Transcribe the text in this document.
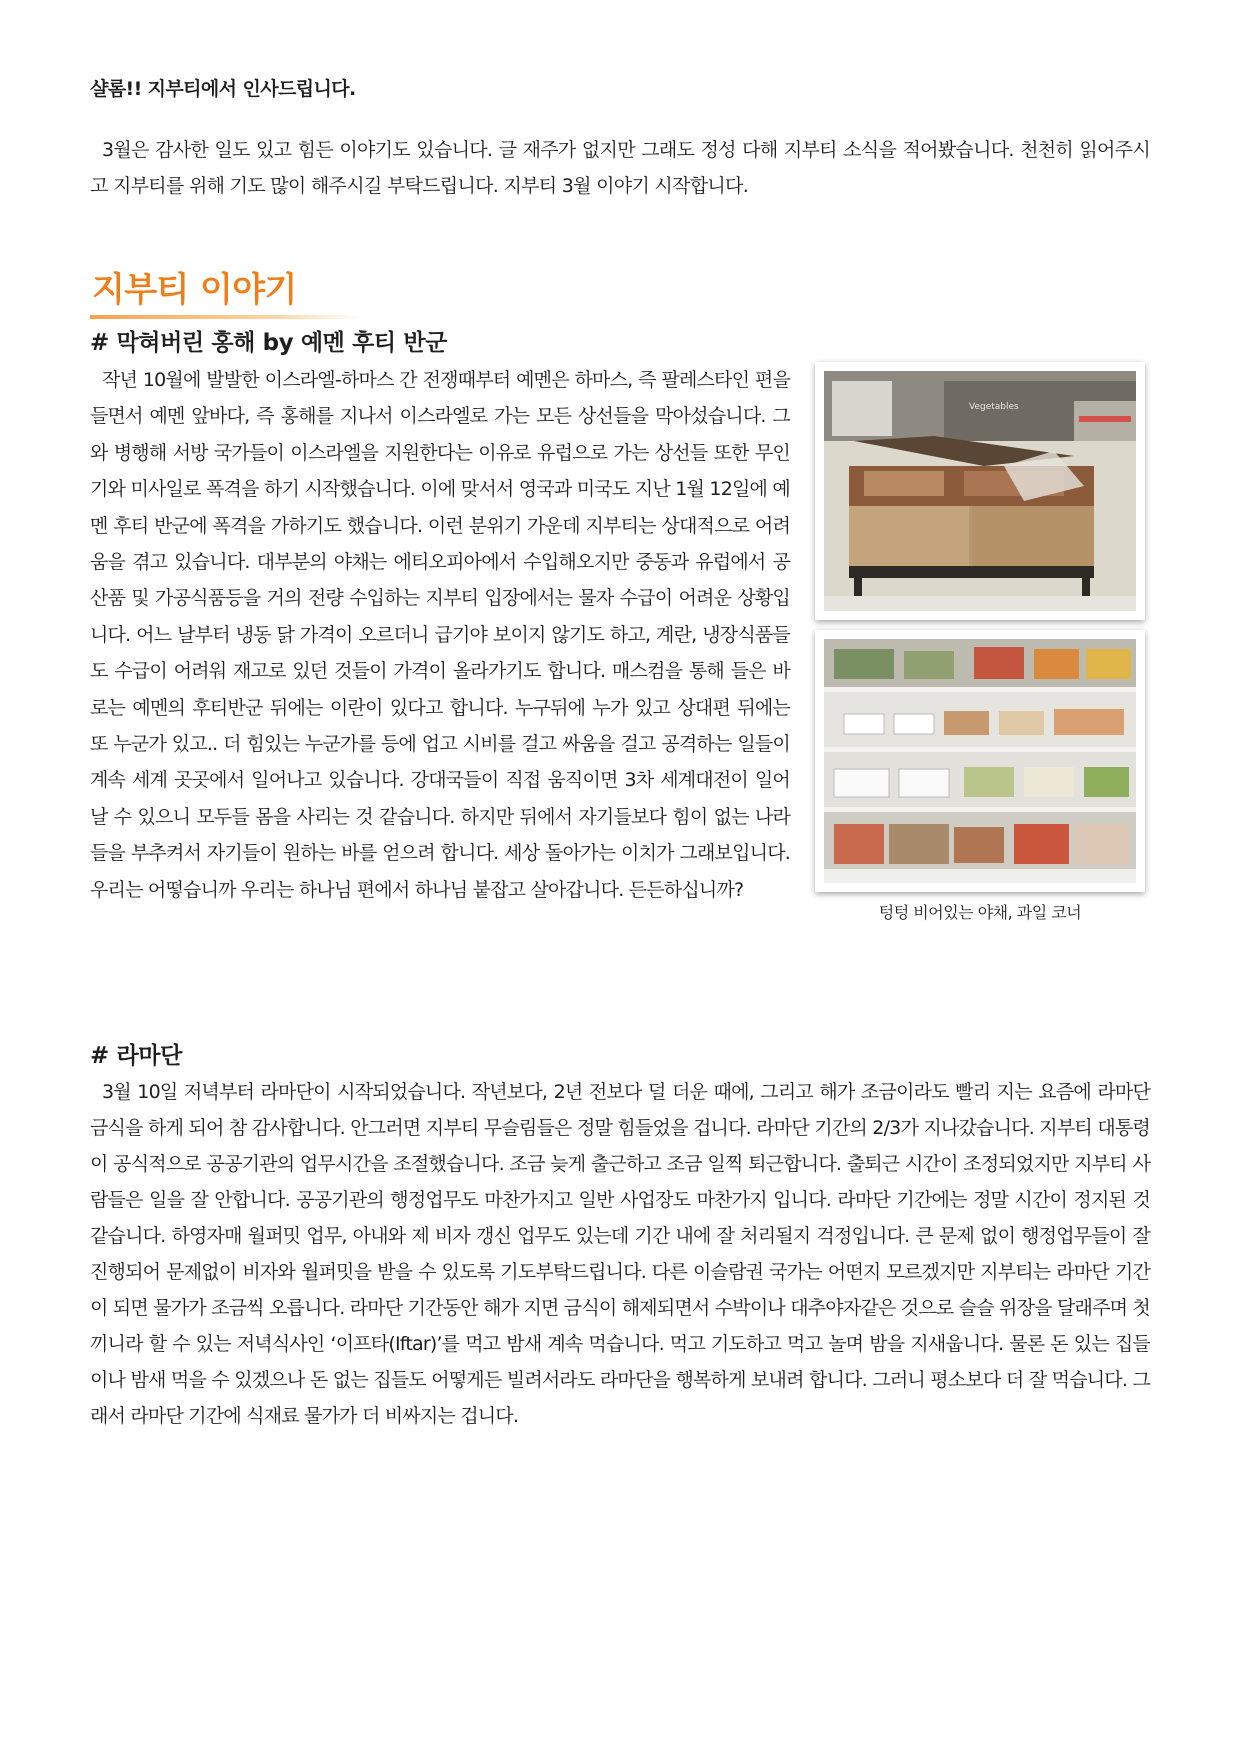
샬롬!! 지부티에서 인사드립니다.

3월은 감사한 일도 있고 힘든 이야기도 있습니다. 글 재주가 없지만 그래도 정성 다해 지부티 소식을 적어봤습니다. 천천히 읽어주시고 지부티를 위해 기도 많이 해주시길 부탁드립니다. 지부티 3월 이야기 시작합니다.

지부티 이야기
# 막혀버린 홍해 by 예멘 후티 반군

작년 10월에 발발한 이스라엘-하마스 간 전쟁때부터 예멘은 하마스, 즉 팔레스타인 편을 들면서 예멘 앞바다, 즉 홍해를 지나서 이스라엘로 가는 모든 상선들을 막아섰습니다. 그와 병행해 서방 국가들이 이스라엘을 지원한다는 이유로 유럽으로 가는 상선들 또한 무인기와 미사일로 폭격을 하기 시작했습니다. 이에 맞서서 영국과 미국도 지난 1월 12일에 예멘 후티 반군에 폭격을 가하기도 했습니다. 이런 분위기 가운데 지부티는 상대적으로 어려움을 겪고 있습니다. 대부분의 야채는 에티오피아에서 수입해오지만 중동과 유럽에서 공산품 및 가공식품등을 거의 전량 수입하는 지부티 입장에서는 물자 수급이 어려운 상황입니다. 어느 날부터 냉동 닭 가격이 오르더니 급기야 보이지 않기도 하고, 계란, 냉장식품들도 수급이 어려워 재고로 있던 것들이 가격이 올라가기도 합니다. 매스컴을 통해 들은 바로는 예멘의 후티반군 뒤에는 이란이 있다고 합니다. 누구뒤에 누가 있고 상대편 뒤에는 또 누군가 있고.. 더 힘있는 누군가를 등에 업고 시비를 걸고 싸움을 걸고 공격하는 일들이 계속 세계 곳곳에서 일어나고 있습니다. 강대국들이 직접 움직이면 3차 세계대전이 일어날 수 있으니 모두들 몸을 사리는 것 같습니다. 하지만 뒤에서 자기들보다 힘이 없는 나라들을 부추켜서 자기들이 원하는 바를 얻으려 합니다. 세상 돌아가는 이치가 그래보입니다. 우리는 어떻습니까 우리는 하나님 편에서 하나님 붙잡고 살아갑니다. 든든하십니까?

Vegetables

텅텅 비어있는 야채, 과일 코너

# 라마단

3월 10일 저녁부터 라마단이 시작되었습니다. 작년보다, 2년 전보다 덜 더운 때에, 그리고 해가 조금이라도 빨리 지는 요즘에 라마단 금식을 하게 되어 참 감사합니다. 안그러면 지부티 무슬림들은 정말 힘들었을 겁니다. 라마단 기간의 2/3가 지나갔습니다. 지부티 대통령이 공식적으로 공공기관의 업무시간을 조절했습니다. 조금 늦게 출근하고 조금 일찍 퇴근합니다. 출퇴근 시간이 조정되었지만 지부티 사람들은 일을 잘 안합니다. 공공기관의 행정업무도 마찬가지고 일반 사업장도 마찬가지 입니다. 라마단 기간에는 정말 시간이 정지된 것 같습니다. 하영자매 월퍼밋 업무, 아내와 제 비자 갱신 업무도 있는데 기간 내에 잘 처리될지 걱정입니다. 큰 문제 없이 행정업무들이 잘 진행되어 문제없이 비자와 월퍼밋을 받을 수 있도록 기도부탁드립니다. 다른 이슬람권 국가는 어떤지 모르겠지만 지부티는 라마단 기간이 되면 물가가 조금씩 오릅니다. 라마단 기간동안 해가 지면 금식이 해제되면서 수박이나 대추야자같은 것으로 슬슬 위장을 달래주며 첫 끼니라 할 수 있는 저녁식사인 ‘이프타(Iftar)’를 먹고 밤새 계속 먹습니다. 먹고 기도하고 먹고 놀며 밤을 지새웁니다. 물론 돈 있는 집들이나 밤새 먹을 수 있겠으나 돈 없는 집들도 어떻게든 빌려서라도 라마단을 행복하게 보내려 합니다. 그러니 평소보다 더 잘 먹습니다. 그래서 라마단 기간에 식재료 물가가 더 비싸지는 겁니다.
